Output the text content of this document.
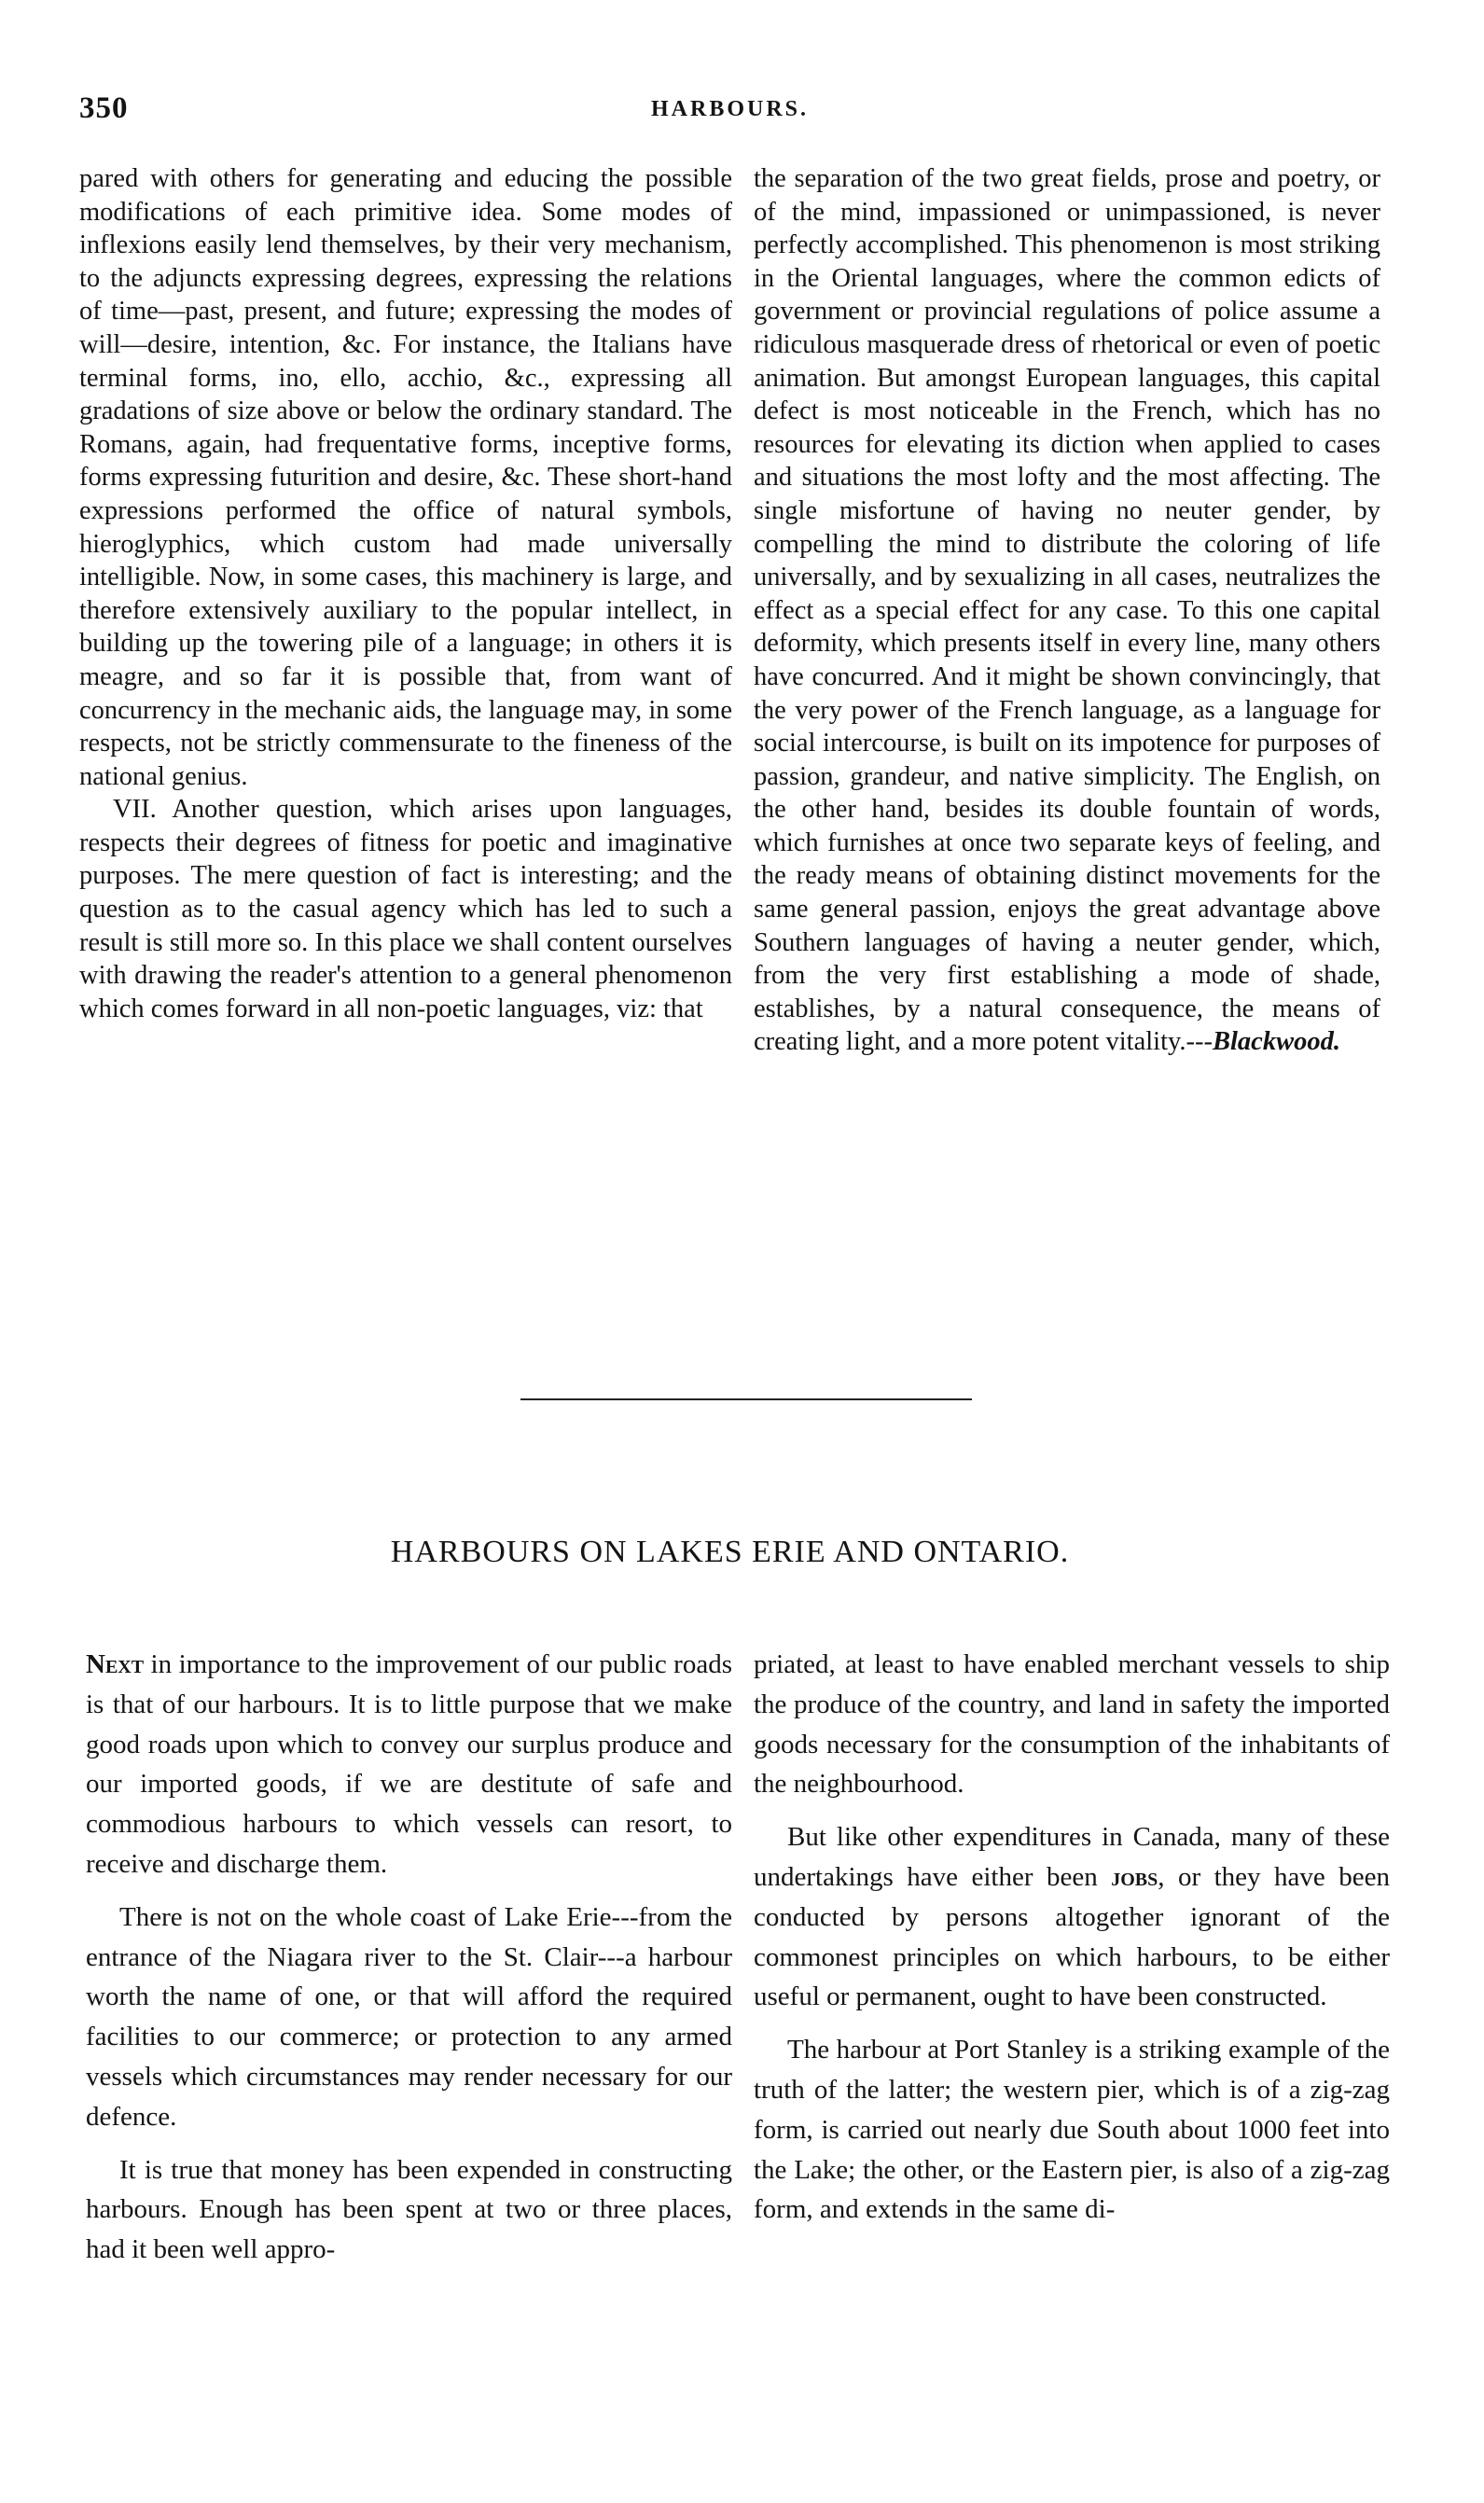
350	HARBOURS.

pared with others for generating and educing the possible modifications of each primitive idea. Some modes of inflexions easily lend themselves, by their very mechanism, to the adjuncts expressing degrees, expressing the relations of time—past, present, and future; expressing the modes of will—desire, intention, &c. For instance, the Italians have terminal forms, ino, ello, acchio, &c., expressing all gradations of size above or below the ordinary standard. The Romans, again, had frequentative forms, inceptive forms, forms expressing futurition and desire, &c. These short-hand expressions performed the office of natural symbols, hieroglyphics, which custom had made universally intelligible. Now, in some cases, this machinery is large, and therefore extensively auxiliary to the popular intellect, in building up the towering pile of a language; in others it is meagre, and so far it is possible that, from want of concurrency in the mechanic aids, the language may, in some respects, not be strictly commensurate to the fineness of the national genius.

VII. Another question, which arises upon languages, respects their degrees of fitness for poetic and imaginative purposes. The mere question of fact is interesting; and the question as to the casual agency which has led to such a result is still more so. In this place we shall content ourselves with drawing the reader's attention to a general phenomenon which comes forward in all non-poetic languages, viz: that

the separation of the two great fields, prose and poetry, or of the mind, impassioned or unimpassioned, is never perfectly accomplished. This phenomenon is most striking in the Oriental languages, where the common edicts of government or provincial regulations of police assume a ridiculous masquerade dress of rhetorical or even of poetic animation. But amongst European languages, this capital defect is most noticeable in the French, which has no resources for elevating its diction when applied to cases and situations the most lofty and the most affecting. The single misfortune of having no neuter gender, by compelling the mind to distribute the coloring of life universally, and by sexualizing in all cases, neutralizes the effect as a special effect for any case. To this one capital deformity, which presents itself in every line, many others have concurred. And it might be shown convincingly, that the very power of the French language, as a language for social intercourse, is built on its impotence for purposes of passion, grandeur, and native simplicity. The English, on the other hand, besides its double fountain of words, which furnishes at once two separate keys of feeling, and the ready means of obtaining distinct movements for the same general passion, enjoys the great advantage above Southern languages of having a neuter gender, which, from the very first establishing a mode of shade, establishes, by a natural consequence, the means of creating light, and a more potent vitality.---Blackwood.

HARBOURS ON LAKES ERIE AND ONTARIO.

Next in importance to the improvement of our public roads is that of our harbours. It is to little purpose that we make good roads upon which to convey our surplus produce and our imported goods, if we are destitute of safe and commodious harbours to which vessels can resort, to receive and discharge them.

There is not on the whole coast of Lake Erie---from the entrance of the Niagara river to the St. Clair---a harbour worth the name of one, or that will afford the required facilities to our commerce; or protection to any armed vessels which circumstances may render necessary for our defence.

It is true that money has been expended in constructing harbours. Enough has been spent at two or three places, had it been well appro-

priated, at least to have enabled merchant vessels to ship the produce of the country, and land in safety the imported goods necessary for the consumption of the inhabitants of the neighbourhood.

But like other expenditures in Canada, many of these undertakings have either been jobs, or they have been conducted by persons altogether ignorant of the commonest principles on which harbours, to be either useful or permanent, ought to have been constructed.

The harbour at Port Stanley is a striking example of the truth of the latter; the western pier, which is of a zig-zag form, is carried out nearly due South about 1000 feet into the Lake; the other, or the Eastern pier, is also of a zig-zag form, and extends in the same di-
